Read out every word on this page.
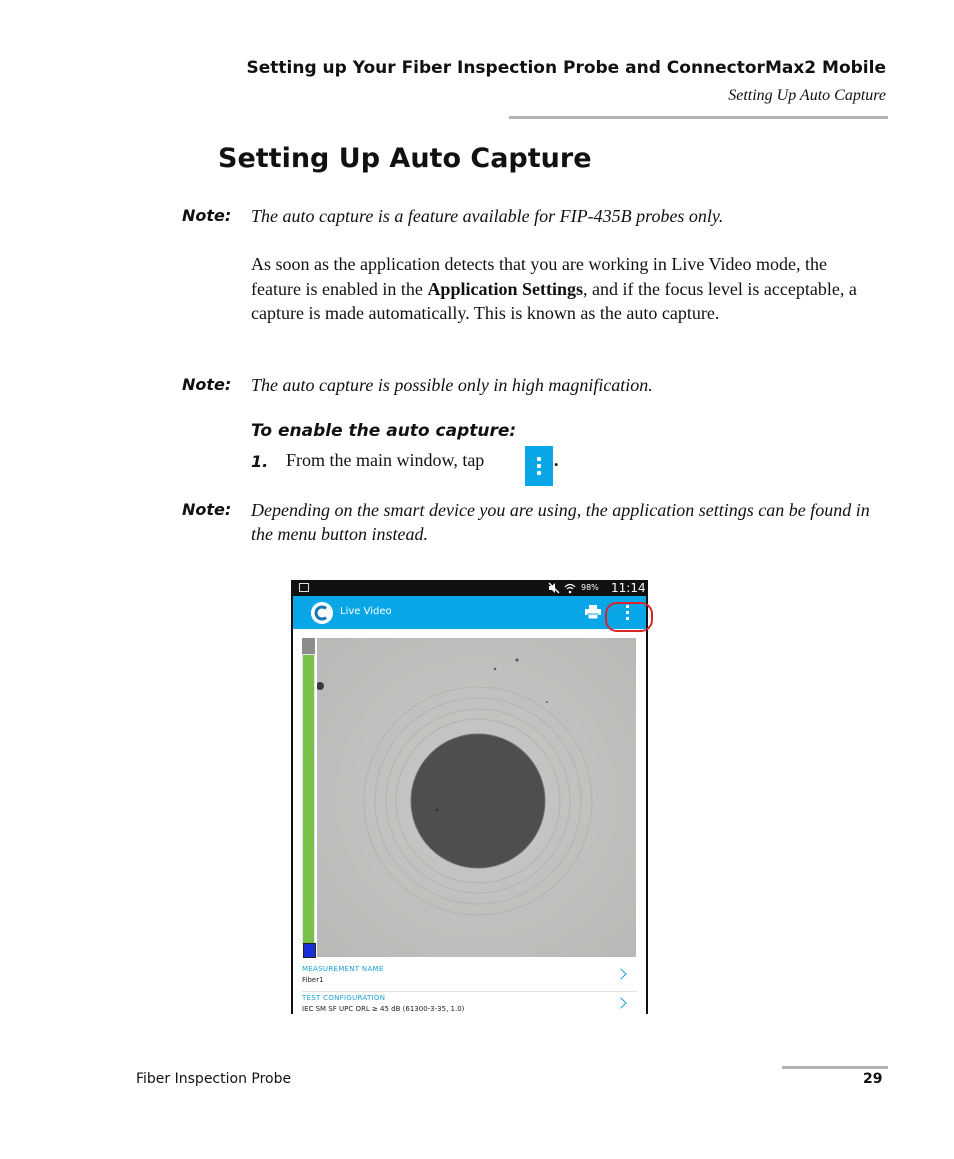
Setting up Your Fiber Inspection Probe and ConnectorMax2 Mobile
Setting Up Auto Capture
Setting Up Auto Capture
Note: The auto capture is a feature available for FIP-435B probes only.
As soon as the application detects that you are working in Live Video mode, the feature is enabled in the Application Settings, and if the focus level is acceptable, a capture is made automatically. This is known as the auto capture.
Note: The auto capture is possible only in high magnification.
To enable the auto capture:
1. From the main window, tap	.
Note: Depending on the smart device you are using, the application settings can be found in the menu button instead.
98% 11:14
Live Video
MEASUREMENT NAME
Fiber1
TEST CONFIGURATION
IEC SM SF UPC ORL ≥ 45 dB (61300-3-35, 1.0)
Fiber Inspection Probe	29
